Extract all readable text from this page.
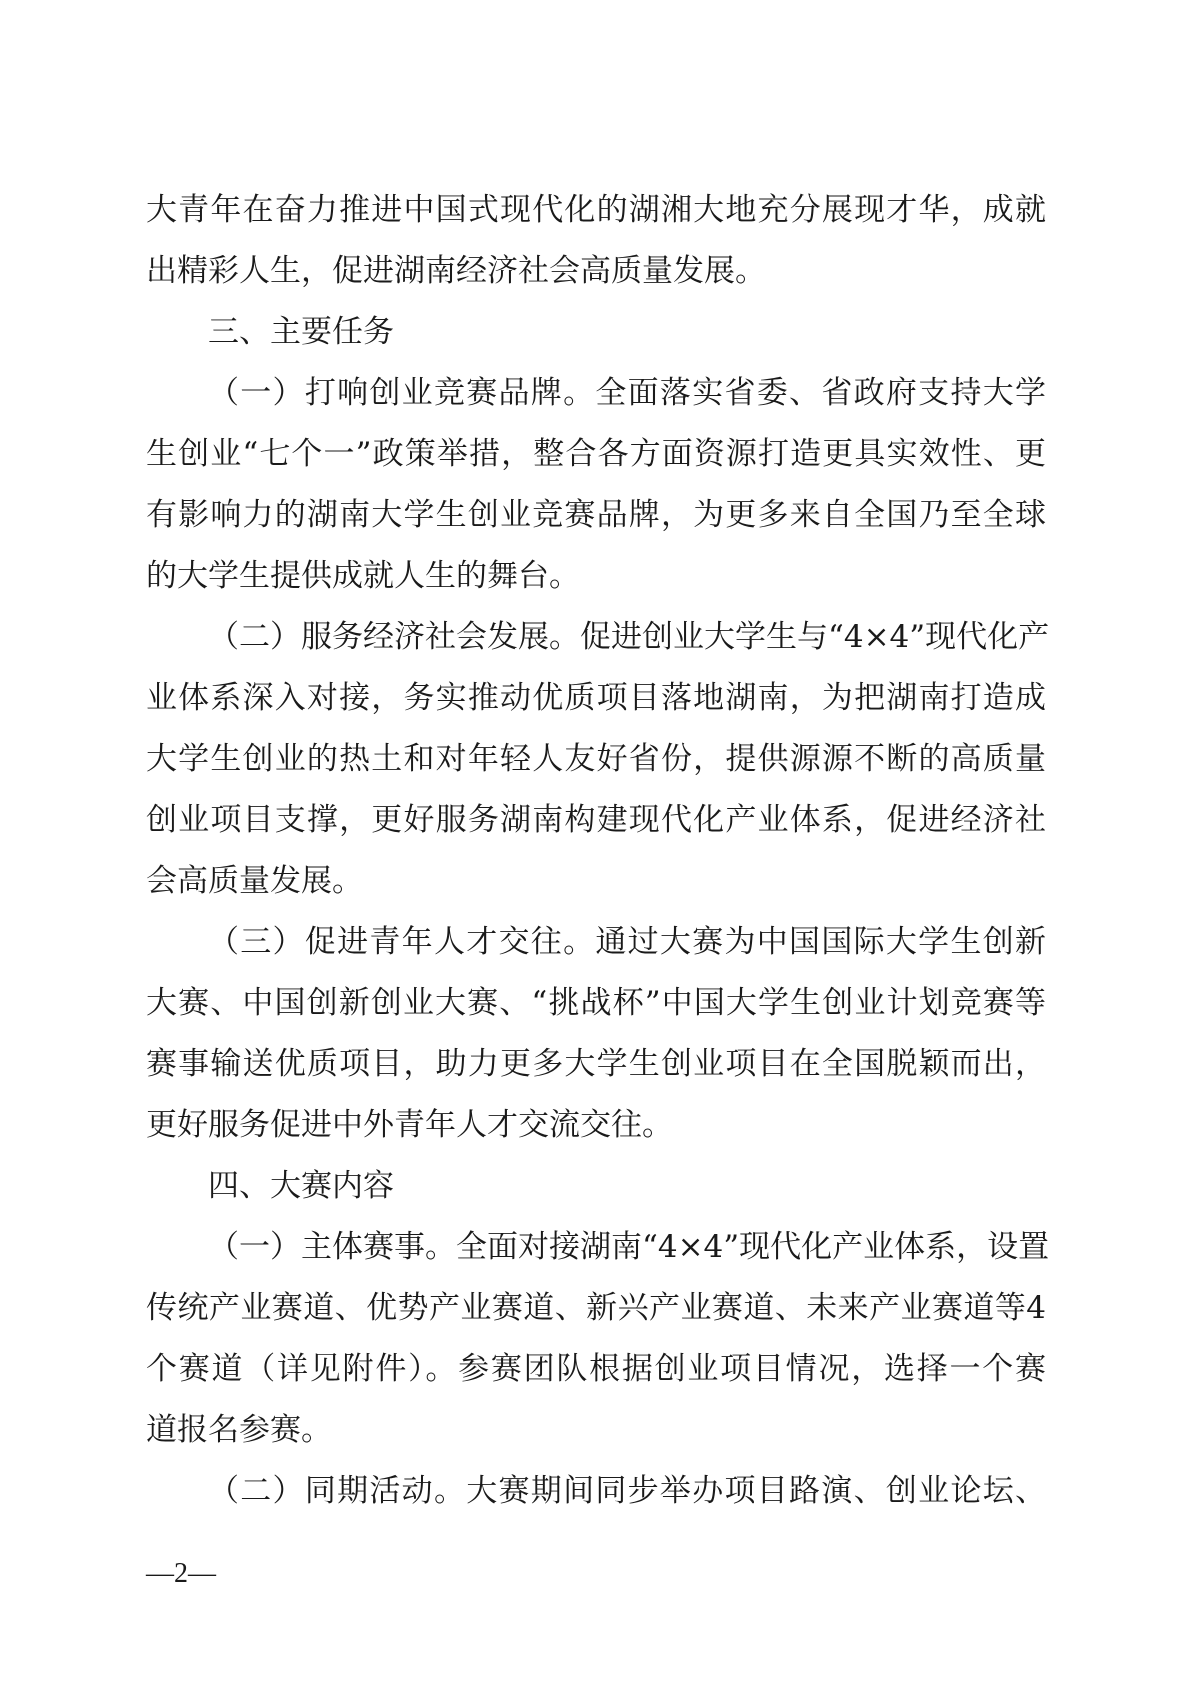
大青年在奋力推进中国式现代化的湖湘大地充分展现才华，成就
出精彩人生，促进湖南经济社会高质量发展。
三、主要任务
（一）打响创业竞赛品牌。全面落实省委、省政府支持大学
生创业“七个一”政策举措，整合各方面资源打造更具实效性、更
有影响力的湖南大学生创业竞赛品牌，为更多来自全国乃至全球
的大学生提供成就人生的舞台。
（二）服务经济社会发展。促进创业大学生与“4×4”现代化产
业体系深入对接，务实推动优质项目落地湖南，为把湖南打造成
大学生创业的热土和对年轻人友好省份，提供源源不断的高质量
创业项目支撑，更好服务湖南构建现代化产业体系，促进经济社
会高质量发展。
（三）促进青年人才交往。通过大赛为中国国际大学生创新
大赛、中国创新创业大赛、“挑战杯”中国大学生创业计划竞赛等
赛事输送优质项目，助力更多大学生创业项目在全国脱颖而出，
更好服务促进中外青年人才交流交往。
四、大赛内容
（一）主体赛事。全面对接湖南“4×4”现代化产业体系，设置
传统产业赛道、优势产业赛道、新兴产业赛道、未来产业赛道等4
个赛道（详见附件）。参赛团队根据创业项目情况，选择一个赛
道报名参赛。
（二）同期活动。大赛期间同步举办项目路演、创业论坛、
—2—
